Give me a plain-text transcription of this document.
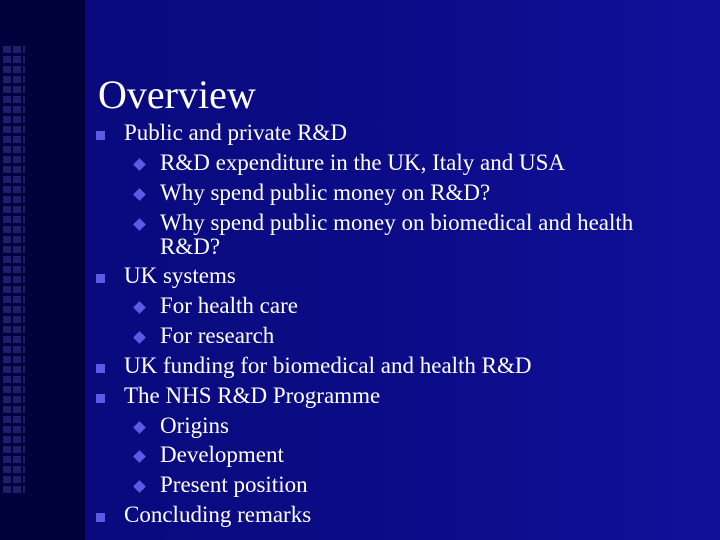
Overview
Public and private R&D
R&D expenditure in the UK, Italy and USA
Why spend public money on R&D?
Why spend public money on biomedical and health
R&D?
UK systems
For health care
For research
UK funding for biomedical and health R&D
The NHS R&D Programme
Origins
Development
Present position
Concluding remarks
